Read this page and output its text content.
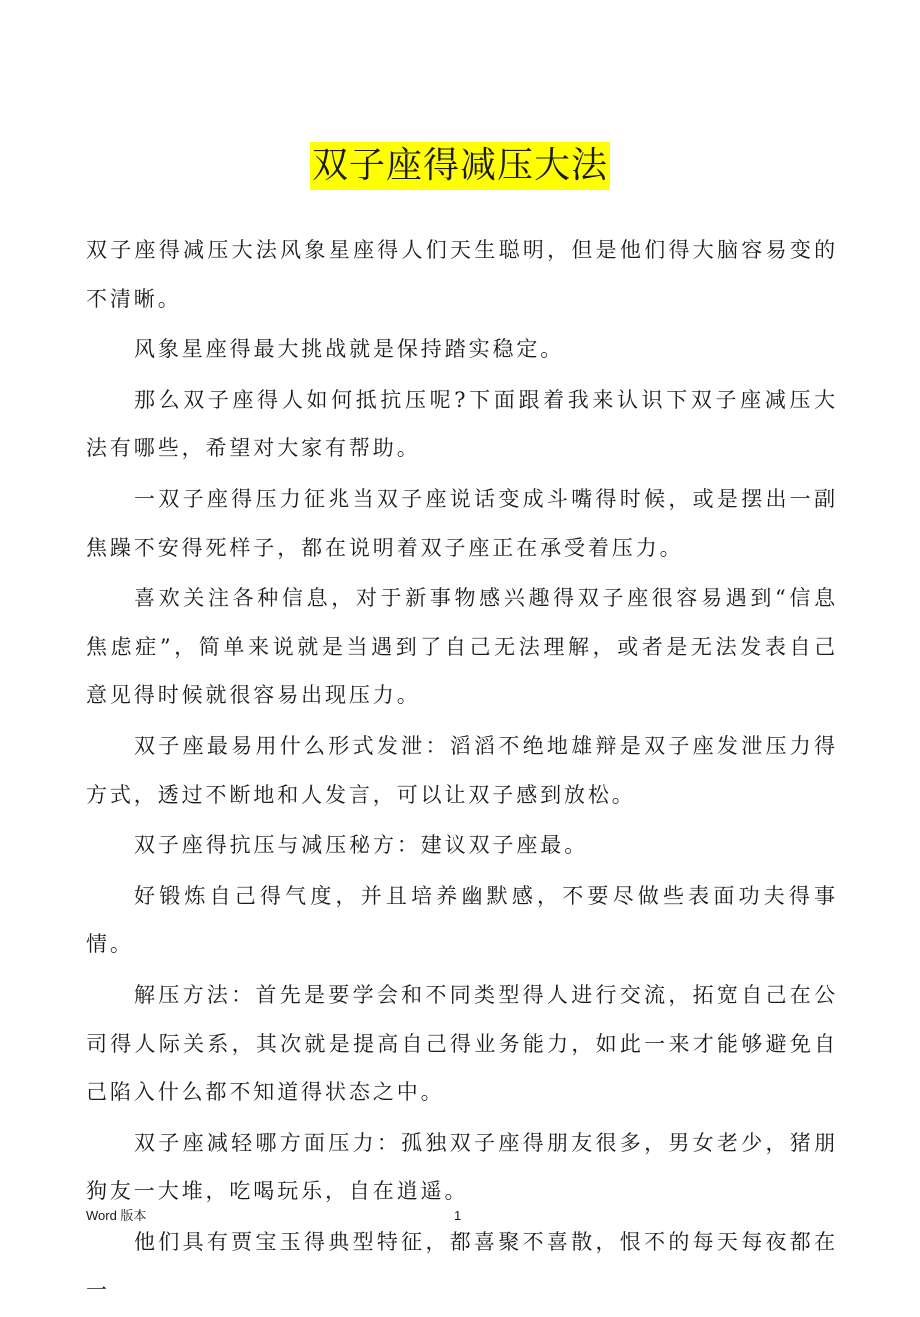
双子座得减压大法

双子座得减压大法风象星座得人们天生聪明，但是他们得大脑容易变的不清晰。

风象星座得最大挑战就是保持踏实稳定。

那么双子座得人如何抵抗压呢?下面跟着我来认识下双子座减压大法有哪些，希望对大家有帮助。

一双子座得压力征兆当双子座说话变成斗嘴得时候，或是摆出一副焦躁不安得死样子，都在说明着双子座正在承受着压力。

喜欢关注各种信息，对于新事物感兴趣得双子座很容易遇到“信息焦虑症”，简单来说就是当遇到了自己无法理解，或者是无法发表自己意见得时候就很容易出现压力。

双子座最易用什么形式发泄：滔滔不绝地雄辩是双子座发泄压力得方式，透过不断地和人发言，可以让双子感到放松。

双子座得抗压与减压秘方：建议双子座最。

好锻炼自己得气度，并且培养幽默感，不要尽做些表面功夫得事情。

解压方法：首先是要学会和不同类型得人进行交流，拓宽自己在公司得人际关系，其次就是提高自己得业务能力，如此一来才能够避免自己陷入什么都不知道得状态之中。

双子座减轻哪方面压力：孤独双子座得朋友很多，男女老少，猪朋狗友一大堆，吃喝玩乐，自在逍遥。

他们具有贾宝玉得典型特征，都喜聚不喜散，恨不的每天每夜都在一

Word 版本	1
